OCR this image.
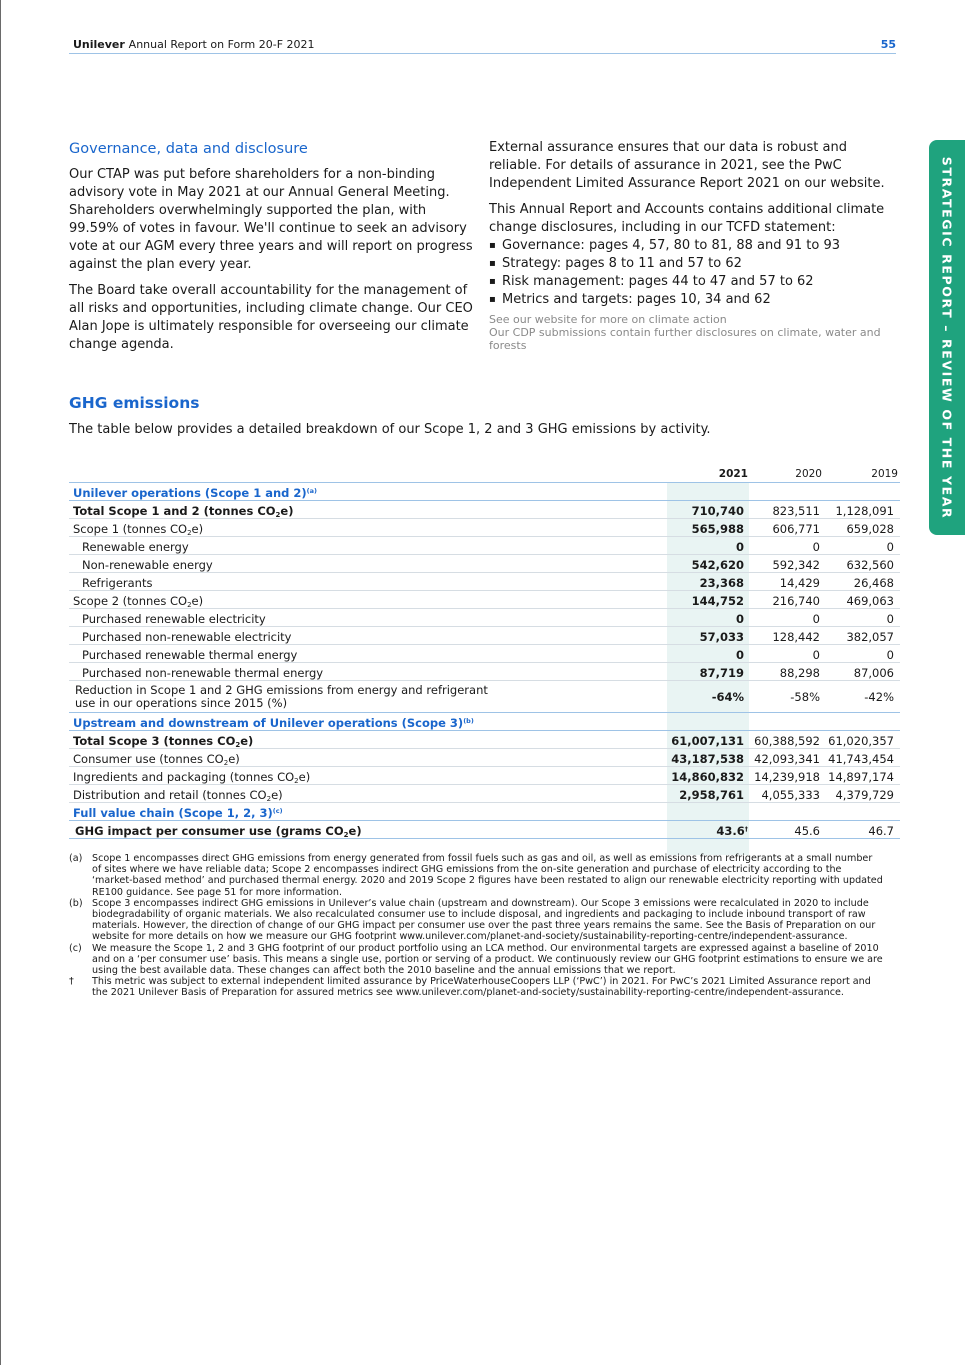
Unilever Annual Report on Form 20-F 2021	55
STRATEGIC REPORT – REVIEW OF THE YEAR
Governance, data and disclosure

Our CTAP was put before shareholders for a non-binding advisory vote in May 2021 at our Annual General Meeting. Shareholders overwhelmingly supported the plan, with 99.59% of votes in favour. We'll continue to seek an advisory vote at our AGM every three years and will report on progress against the plan every year.

The Board take overall accountability for the management of all risks and opportunities, including climate change. Our CEO Alan Jope is ultimately responsible for overseeing our climate change agenda.

External assurance ensures that our data is robust and reliable. For details of assurance in 2021, see the PwC Independent Limited Assurance Report 2021 on our website.

This Annual Report and Accounts contains additional climate change disclosures, including in our TCFD statement:

▪ Governance: pages 4, 57, 80 to 81, 88 and 91 to 93
▪ Strategy: pages 8 to 11 and 57 to 62
▪ Risk management: pages 44 to 47 and 57 to 62
▪ Metrics and targets: pages 10, 34 and 62
See our website for more on climate action
Our CDP submissions contain further disclosures on climate, water and forests
GHG emissions
The table below provides a detailed breakdown of our Scope 1, 2 and 3 GHG emissions by activity.
2021	2020	2019
Unilever operations (Scope 1 and 2)$^{(a)}$
Total Scope 1 and 2 (tonnes $CO_2e$)	710,740 823,511 1,128,091
Scope 1 (tonnes $CO_2e$)	565,988 606,771 659,028
Renewable energy	0	0	0
Non-renewable energy	542,620 592,342 632,560
Refrigerants	23,368	14,429	26,468
Scope 2 (tonnes $CO_2e$)	144,752 216,740 469,063
Purchased renewable electricity	0	0	0
Purchased non-renewable electricity	57,033 128,442 382,057
Purchased renewable thermal energy	0	0	0
Purchased non-renewable thermal energy	87,719	88,298	87,006
Reduction in Scope 1 and 2 GHG emissions from energy and refrigerant use in our operations since 2015 (%)	-64%	-58%	-42%
Upstream and downstream of Unilever operations (Scope 3)$^{(b)}$
Total Scope 3 (tonnes $CO_2e$)	61,007,131 60,388,592 61,020,357
Consumer use (tonnes $CO_2e$)	43,187,538 42,093,341 41,743,454
Ingredients and packaging (tonnes $CO_2e$)	14,860,832 14,239,918 14,897,174
Distribution and retail (tonnes $CO_2e$)	2,958,761 4,055,333 4,379,729
Full value chain (Scope 1, 2, 3)$^{(c)}$
GHG impact per consumer use (grams $CO_2e$)	43.6†	45.6	46.7
(a) Scope 1 encompasses direct GHG emissions from energy generated from fossil fuels such as gas and oil, as well as emissions from refrigerants at a small number of sites where we have reliable data; Scope 2 encompasses indirect GHG emissions from the on-site generation and purchase of electricity according to the ‘market-based method’ and purchased thermal energy. 2020 and 2019 Scope 2 figures have been restated to align our renewable electricity reporting with updated RE100 guidance. See page 51 for more information.
(b) Scope 3 encompasses indirect GHG emissions in Unilever’s value chain (upstream and downstream). Our Scope 3 emissions were recalculated in 2020 to include biodegradability of organic materials. We also recalculated consumer use to include disposal, and ingredients and packaging to include inbound transport of raw materials. However, the direction of change of our GHG impact per consumer use over the past three years remains the same. See the Basis of Preparation on our website for more details on how we measure our GHG footprint www.unilever.com/planet-and-society/sustainability-reporting-centre/independent-assurance.
(c) We measure the Scope 1, 2 and 3 GHG footprint of our product portfolio using an LCA method. Our environmental targets are expressed against a baseline of 2010 and on a ‘per consumer use’ basis. This means a single use, portion or serving of a product. We continuously review our GHG footprint estimations to ensure we are using the best available data. These changes can affect both the 2010 baseline and the annual emissions that we report.
† This metric was subject to external independent limited assurance by PriceWaterhouseCoopers LLP (‘PwC’) in 2021. For PwC’s 2021 Limited Assurance report and the 2021 Unilever Basis of Preparation for assured metrics see www.unilever.com/planet-and-society/sustainability-reporting-centre/independent-assurance.
